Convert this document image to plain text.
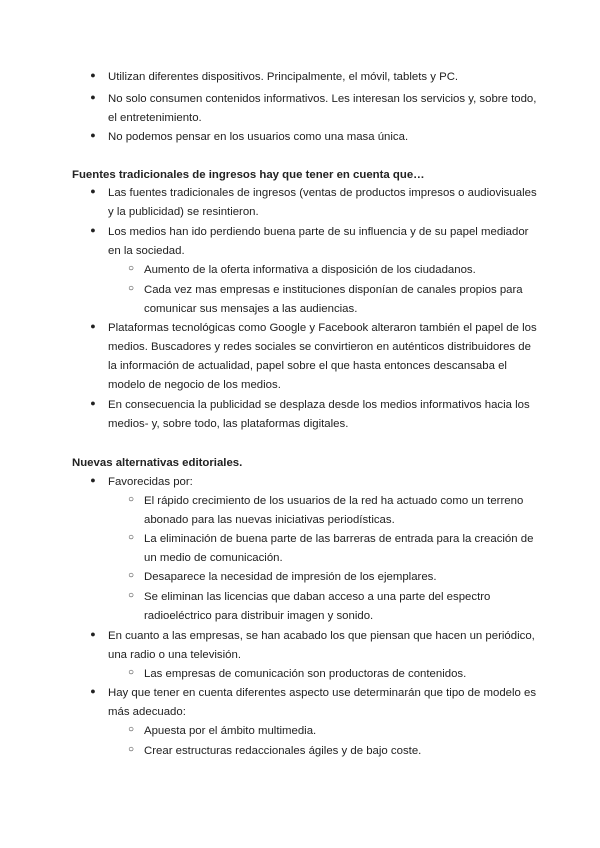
● Utilizan diferentes dispositivos. Principalmente, el móvil, tablets y PC.
● No solo consumen contenidos informativos. Les interesan los servicios y, sobre todo,
el entretenimiento.
● No podemos pensar en los usuarios como una masa única.
Fuentes tradicionales de ingresos hay que tener en cuenta que…
● Las fuentes tradicionales de ingresos (ventas de productos impresos o audiovisuales
y la publicidad) se resintieron.
● Los medios han ido perdiendo buena parte de su influencia y de su papel mediador
en la sociedad.
○ Aumento de la oferta informativa a disposición de los ciudadanos.
○ Cada vez mas empresas e instituciones disponían de canales propios para
comunicar sus mensajes a las audiencias.
● Plataformas tecnológicas como Google y Facebook alteraron también el papel de los
medios. Buscadores y redes sociales se convirtieron en auténticos distribuidores de
la información de actualidad, papel sobre el que hasta entonces descansaba el
modelo de negocio de los medios.
● En consecuencia la publicidad se desplaza desde los medios informativos hacia los
medios- y, sobre todo, las plataformas digitales.
Nuevas alternativas editoriales.
● Favorecidas por:
○ El rápido crecimiento de los usuarios de la red ha actuado como un terreno
abonado para las nuevas iniciativas periodísticas.
○ La eliminación de buena parte de las barreras de entrada para la creación de
un medio de comunicación.
○ Desaparece la necesidad de impresión de los ejemplares.
○ Se eliminan las licencias que daban acceso a una parte del espectro
radioeléctrico para distribuir imagen y sonido.
● En cuanto a las empresas, se han acabado los que piensan que hacen un periódico,
una radio o una televisión.
○ Las empresas de comunicación son productoras de contenidos.
● Hay que tener en cuenta diferentes aspecto use determinarán que tipo de modelo es
más adecuado:
○ Apuesta por el ámbito multimedia.
○ Crear estructuras redaccionales ágiles y de bajo coste.
